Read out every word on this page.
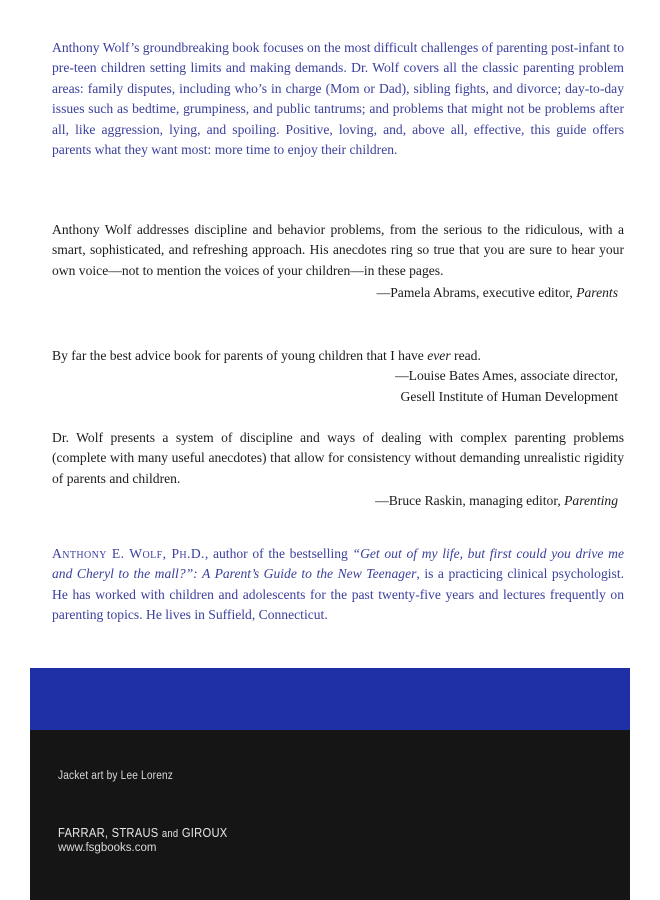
Anthony Wolf’s groundbreaking book focuses on the most difficult challenges of parenting post-infant to pre-teen children setting limits and making demands. Dr. Wolf covers all the classic parenting problem areas: family disputes, including who’s in charge (Mom or Dad), sibling fights, and divorce; day-to-day issues such as bedtime, grumpiness, and public tantrums; and problems that might not be problems after all, like aggression, lying, and spoiling. Positive, loving, and, above all, effective, this guide offers parents what they want most: more time to enjoy their children.

Anthony Wolf addresses discipline and behavior problems, from the serious to the ridiculous, with a smart, sophisticated, and refreshing approach. His anecdotes ring so true that you are sure to hear your own voice—not to mention the voices of your children—in these pages.

—Pamela Abrams, executive editor, Parents

By far the best advice book for parents of young children that I have ever read.

—Louise Bates Ames, associate director,
Gesell Institute of Human Development

Dr. Wolf presents a system of discipline and ways of dealing with complex parenting problems (complete with many useful anecdotes) that allow for consistency without demanding unrealistic rigidity of parents and children.

—Bruce Raskin, managing editor, Parenting

Anthony E. Wolf, Ph.D., author of the bestselling “Get out of my life, but first could you drive me and Cheryl to the mall?”: A Parent’s Guide to the New Teenager, is a practicing clinical psychologist. He has worked with children and adolescents for the past twenty-five years and lectures frequently on parenting topics. He lives in Suffield, Connecticut.

Jacket art by Lee Lorenz
FARRAR, STRAUS and GIROUX
www.fsgbooks.com
